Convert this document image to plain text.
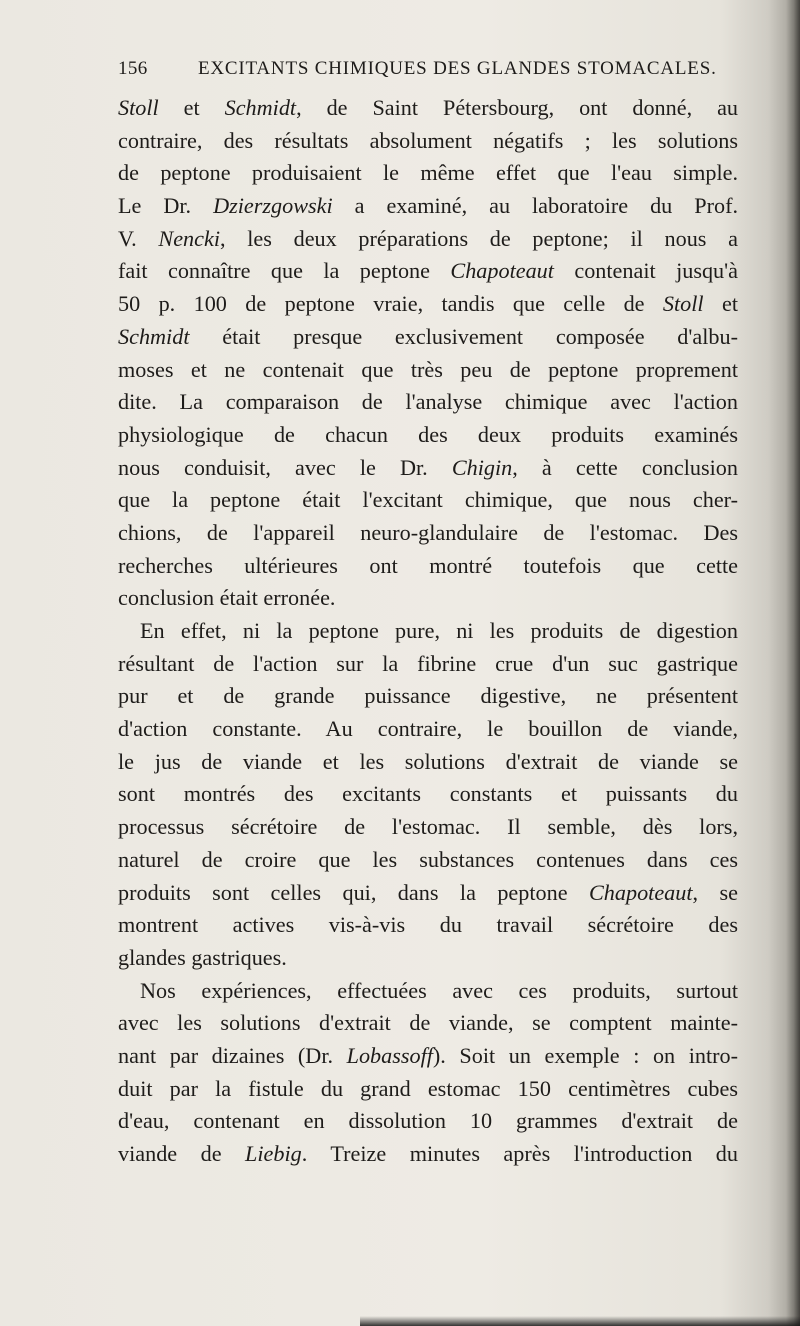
156	EXCITANTS CHIMIQUES DES GLANDES STOMACALES.
Stoll et Schmidt, de Saint Pétersbourg, ont donné, au
contraire, des résultats absolument négatifs ; les solutions
de peptone produisaient le même effet que l'eau simple.
Le Dr. Dzierzgowski a examiné, au laboratoire du Prof.
V. Nencki, les deux préparations de peptone; il nous a
fait connaître que la peptone Chapoteaut contenait jusqu'à
50 p. 100 de peptone vraie, tandis que celle de Stoll et
Schmidt était presque exclusivement composée d'albu-
moses et ne contenait que très peu de peptone proprement
dite. La comparaison de l'analyse chimique avec l'action
physiologique de chacun des deux produits examinés
nous conduisit, avec le Dr. Chigin, à cette conclusion
que la peptone était l'excitant chimique, que nous cher-
chions, de l'appareil neuro-glandulaire de l'estomac. Des
recherches ultérieures ont montré toutefois que cette
conclusion était erronée.
En effet, ni la peptone pure, ni les produits de digestion
résultant de l'action sur la fibrine crue d'un suc gastrique
pur et de grande puissance digestive, ne présentent
d'action constante. Au contraire, le bouillon de viande,
le jus de viande et les solutions d'extrait de viande se
sont montrés des excitants constants et puissants du
processus sécrétoire de l'estomac. Il semble, dès lors,
naturel de croire que les substances contenues dans ces
produits sont celles qui, dans la peptone Chapoteaut, se
montrent actives vis-à-vis du travail sécrétoire des
glandes gastriques.
Nos expériences, effectuées avec ces produits, surtout
avec les solutions d'extrait de viande, se comptent mainte-
nant par dizaines (Dr. Lobassoff). Soit un exemple : on intro-
duit par la fistule du grand estomac 150 centimètres cubes
d'eau, contenant en dissolution 10 grammes d'extrait de
viande de Liebig. Treize minutes après l'introduction du
